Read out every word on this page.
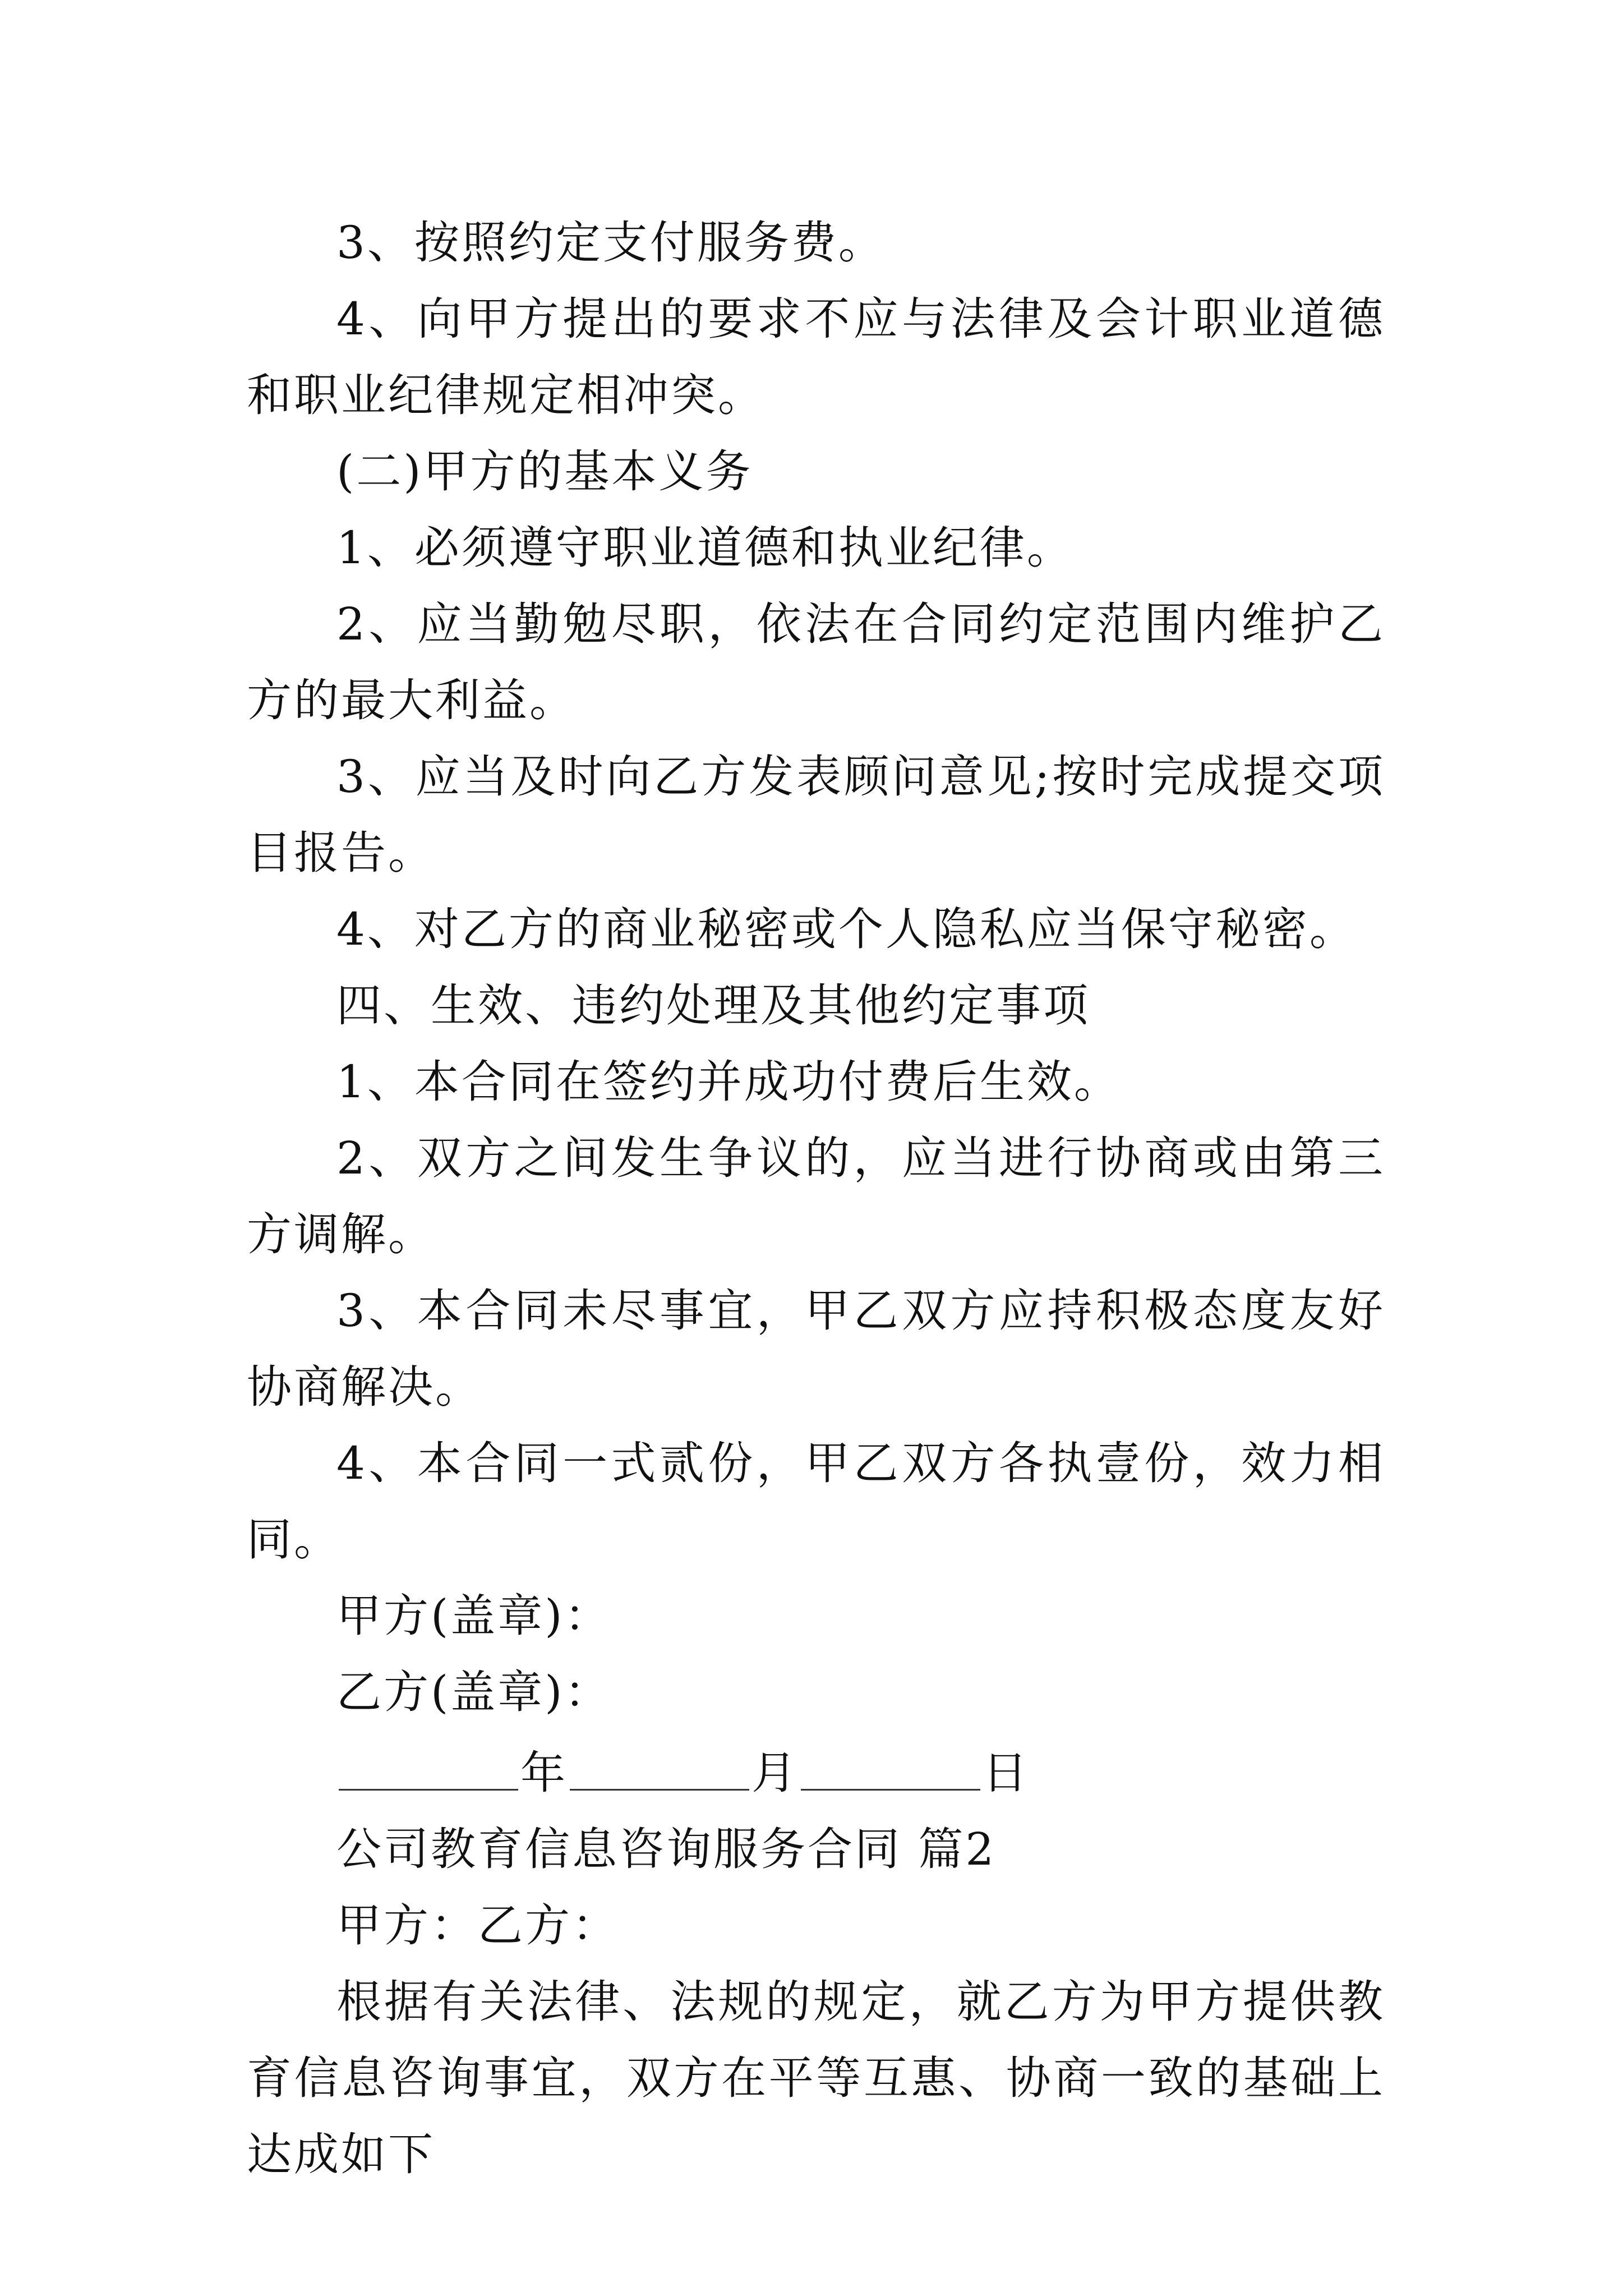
3、按照约定支付服务费。

4、向甲方提出的要求不应与法律及会计职业道德和职业纪律规定相冲突。

(二)甲方的基本义务

1、必须遵守职业道德和执业纪律。

2、应当勤勉尽职，依法在合同约定范围内维护乙方的最大利益。

3、应当及时向乙方发表顾问意见;按时完成提交项目报告。

4、对乙方的商业秘密或个人隐私应当保守秘密。

四、生效、违约处理及其他约定事项

1、本合同在签约并成功付费后生效。

2、双方之间发生争议的，应当进行协商或由第三方调解。

3、本合同未尽事宜，甲乙双方应持积极态度友好协商解决。

4、本合同一式贰份，甲乙双方各执壹份，效力相同。

甲方(盖章)：

乙方(盖章)：

年	月	日

公司教育信息咨询服务合同 篇2

甲方：乙方：

根据有关法律、法规的规定，就乙方为甲方提供教育信息咨询事宜，双方在平等互惠、协商一致的基础上达成如下
